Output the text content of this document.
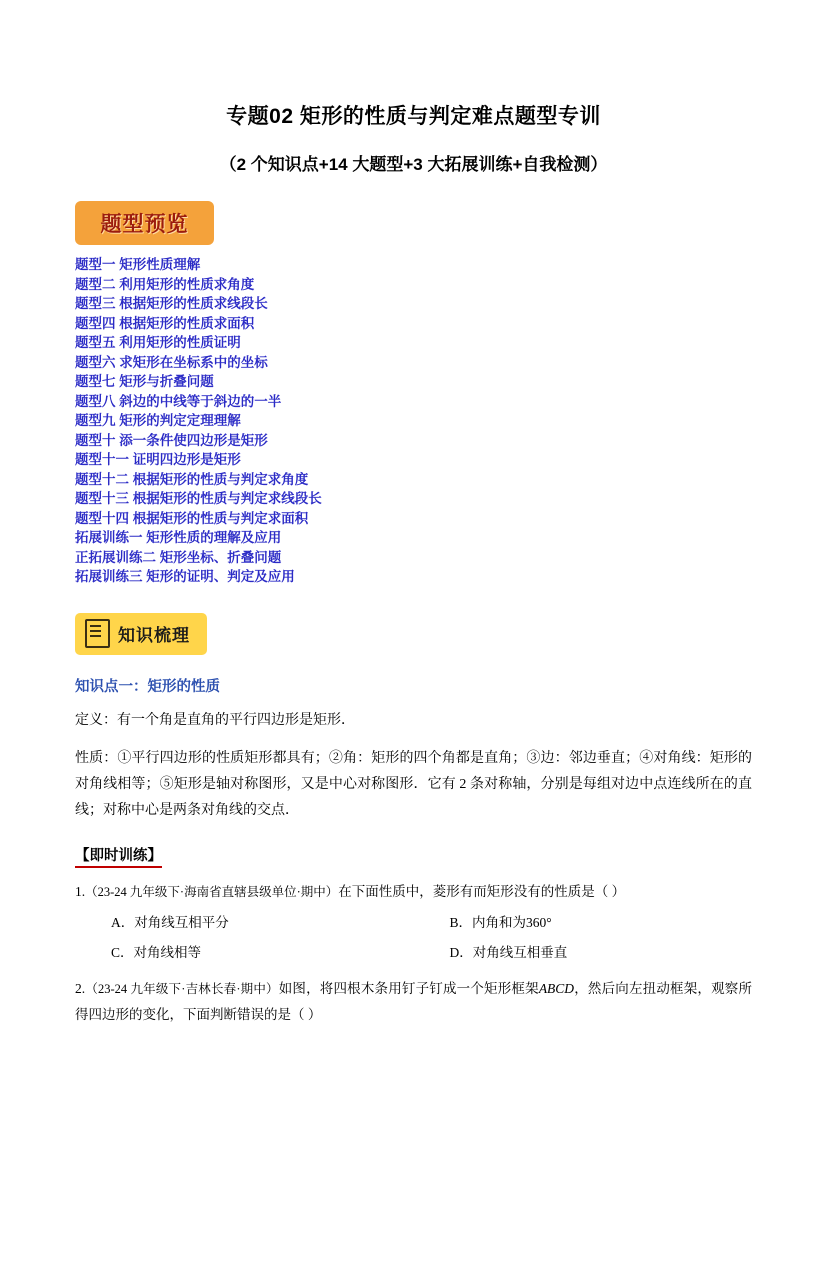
专题02 矩形的性质与判定难点题型专训
（2 个知识点+14 大题型+3 大拓展训练+自我检测）
题型预览
题型一 矩形性质理解
题型二 利用矩形的性质求角度
题型三 根据矩形的性质求线段长
题型四 根据矩形的性质求面积
题型五 利用矩形的性质证明
题型六 求矩形在坐标系中的坐标
题型七 矩形与折叠问题
题型八 斜边的中线等于斜边的一半
题型九 矩形的判定定理理解
题型十 添一条件使四边形是矩形
题型十一 证明四边形是矩形
题型十二 根据矩形的性质与判定求角度
题型十三 根据矩形的性质与判定求线段长
题型十四 根据矩形的性质与判定求面积
拓展训练一 矩形性质的理解及应用
正拓展训练二 矩形坐标、折叠问题
拓展训练三 矩形的证明、判定及应用
知识梳理
知识点一：矩形的性质
定义：有一个角是直角的平行四边形是矩形．
性质：①平行四边形的性质矩形都具有；②角：矩形的四个角都是直角；③边：邻边垂直；④对角线：矩形的对角线相等；⑤矩形是轴对称图形，又是中心对称图形．它有 2 条对称轴，分别是每组对边中点连线所在的直线；对称中心是两条对角线的交点．
【即时训练】
1.（23-24 九年级下·海南省直辖县级单位·期中）在下面性质中，菱形有而矩形没有的性质是（ ）
A．对角线互相平分	B．内角和为360°
C．对角线相等	D．对角线互相垂直
2.（23-24 九年级下·吉林长春·期中）如图，将四根木条用钉子钉成一个矩形框架ABCD，然后向左扭动框架，观察所得四边形的变化，下面判断错误的是（ ）
